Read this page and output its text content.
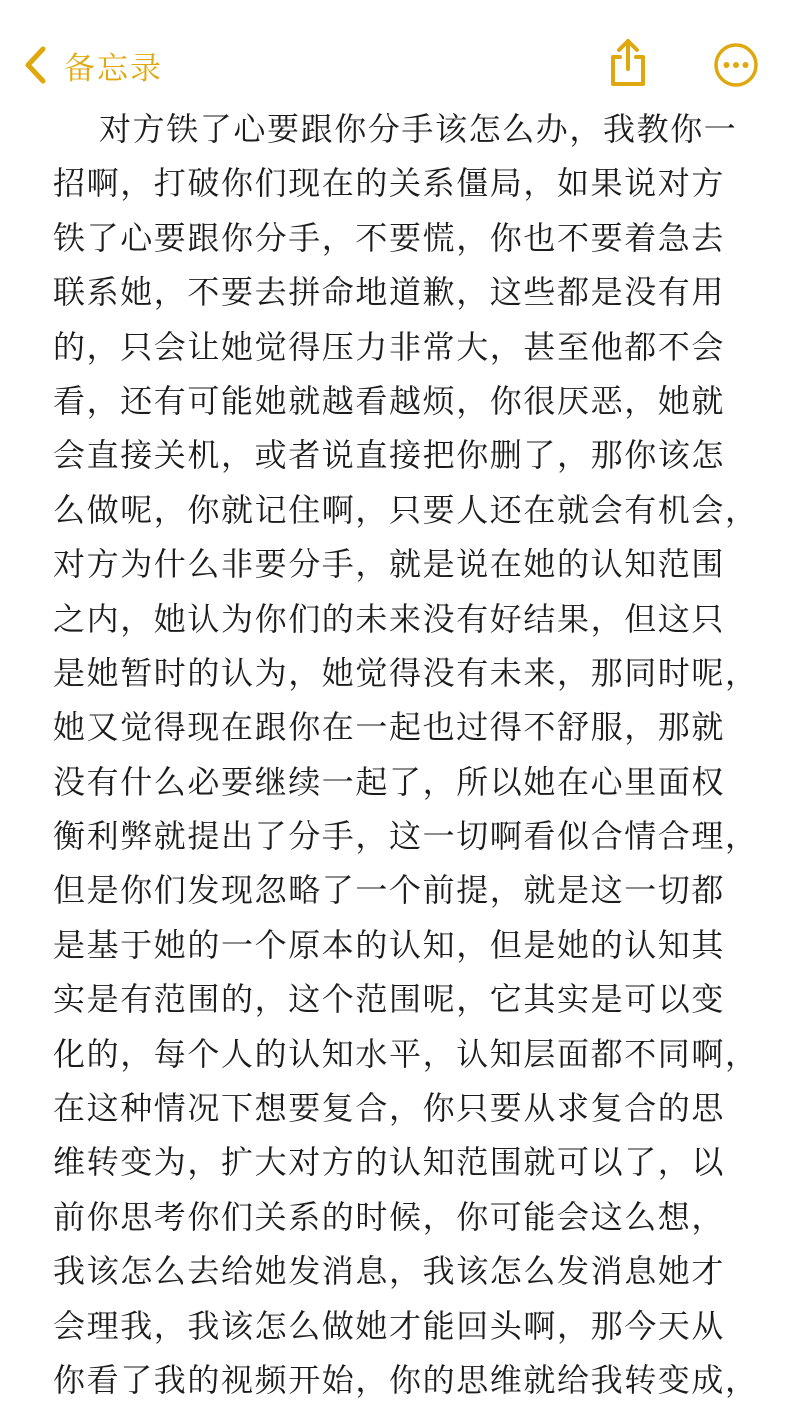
备忘录
对方铁了心要跟你分手该怎么办，我教你一
招啊，打破你们现在的关系僵局，如果说对方
铁了心要跟你分手，不要慌，你也不要着急去
联系她，不要去拼命地道歉，这些都是没有用
的，只会让她觉得压力非常大，甚至他都不会
看，还有可能她就越看越烦，你很厌恶，她就
会直接关机，或者说直接把你删了，那你该怎
么做呢，你就记住啊，只要人还在就会有机会，
对方为什么非要分手，就是说在她的认知范围
之内，她认为你们的未来没有好结果，但这只
是她暂时的认为，她觉得没有未来，那同时呢，
她又觉得现在跟你在一起也过得不舒服，那就
没有什么必要继续一起了，所以她在心里面权
衡利弊就提出了分手，这一切啊看似合情合理，
但是你们发现忽略了一个前提，就是这一切都
是基于她的一个原本的认知，但是她的认知其
实是有范围的，这个范围呢，它其实是可以变
化的，每个人的认知水平，认知层面都不同啊，
在这种情况下想要复合，你只要从求复合的思
维转变为，扩大对方的认知范围就可以了，以
前你思考你们关系的时候，你可能会这么想，
我该怎么去给她发消息，我该怎么发消息她才
会理我，我该怎么做她才能回头啊，那今天从
你看了我的视频开始，你的思维就给我转变成，
